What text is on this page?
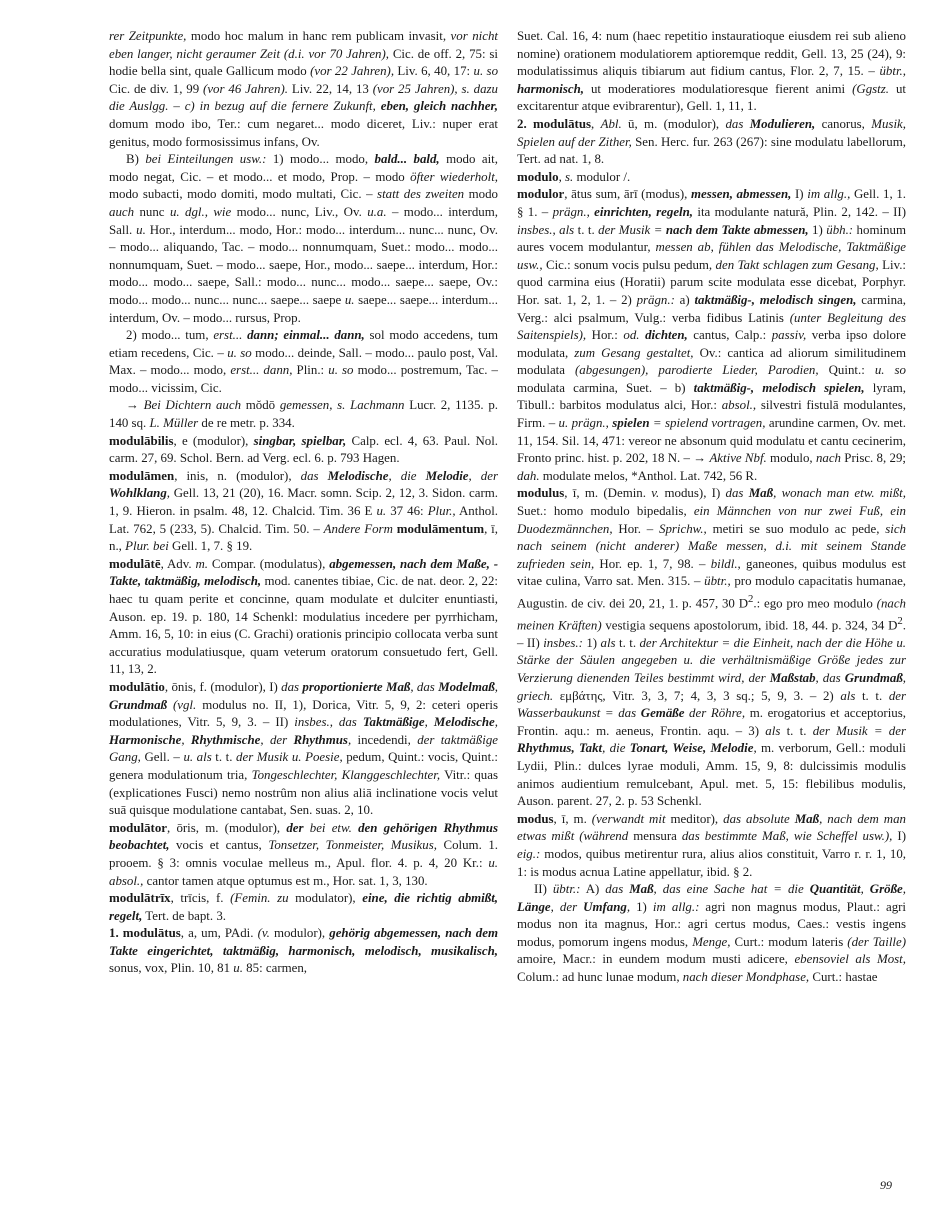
rer Zeitpunkte, modo hoc malum in hanc rem publicam invasit, vor nicht eben langer, nicht geraumer Zeit (d.i. vor 70 Jahren), Cic. de off. 2, 75: si hodie bella sint, quale Gallicum modo (vor 22 Jahren), Liv. 6, 40, 17: u. so Cic. de div. 1, 99 (vor 46 Jahren). Liv. 22, 14, 13 (vor 25 Jahren), s. dazu die Auslgg. – c) in bezug auf die fernere Zukunft, eben, gleich nachher, domum modo ibo, Ter.: cum negaret... modo diceret, Liv.: nuper erat genitus, modo formosissimus infans, Ov.

B) bei Einteilungen usw.: 1) modo... modo, bald... bald, modo ait, modo negat, Cic. – et modo... et modo, Prop. – modo öfter wiederholt, modo subacti, modo domiti, modo multati, Cic. – statt des zweiten modo auch nunc u. dgl., wie modo... nunc, Liv., Ov. u.a. – modo... interdum, Sall. u. Hor., interdum... modo, Hor.: modo... interdum... nunc... nunc, Ov. – modo... aliquando, Tac. – modo... nonnumquam, Suet.: modo... modo... nonnumquam, Suet. – modo... saepe, Hor., modo... saepe... interdum, Hor.: modo... modo... saepe, Sall.: modo... nunc... modo... saepe... saepe, Ov.: modo... modo... nunc... nunc... saepe... saepe u. saepe... saepe... interdum... interdum, Ov. – modo... rursus, Prop.

2) modo... tum, erst... dann; einmal... dann, sol modo accedens, tum etiam recedens, Cic. – u. so modo... deinde, Sall. – modo... paulo post, Val. Max. – modo... modo, erst... dann, Plin.: u. so modo... postremum, Tac. – modo... vicissim, Cic.

→ Bei Dichtern auch mŏdō gemessen, s. Lachmann Lucr. 2, 1135. p. 140 sq. L. Müller de re metr. p. 334.

modulābilis, e (modulor), singbar, spielbar, Calp. ecl. 4, 63. Paul. Nol. carm. 27, 69. Schol. Bern. ad Verg. ecl. 6. p. 793 Hagen.

modulāmen, inis, n. (modulor), das Melodische, die Melodie, der Wohlklang, Gell. 13, 21 (20), 16. Macr. somn. Scip. 2, 12, 3. Sidon. carm. 1, 9. Hieron. in psalm. 48, 12. Chalcid. Tim. 36 E u. 37 46: Plur., Anthol. Lat. 762, 5 (233, 5). Chalcid. Tim. 50. – Andere Form modulāmentum, ī, n., Plur. bei Gell. 1, 7. § 19.

modulātē, Adv. m. Compar. (modulatus), abgemessen, nach dem Maße, -Takte, taktmäßig, melodisch, mod. canentes tibiae, Cic. de nat. deor. 2, 22: haec tu quam perite et concinne, quam modulate et dulciter enuntiasti, Auson. ep. 19. p. 180, 14 Schenkl: modulatius incedere per pyrrhicham, Amm. 16, 5, 10: in eius (C. Grachi) orationis principio collocata verba sunt accuratius modulatiusque, quam veterum oratorum consuetudo fert, Gell. 11, 13, 2.

modulātio, ōnis, f. (modulor), I) das proportionierte Maß, das Modelmaß, Grundmaß (vgl. modulus no. II, 1), Dorica, Vitr. 5, 9, 2: ceteri operis modulationes, Vitr. 5, 9, 3. – II) insbes., das Taktmäßige, Melodische, Harmonische, Rhythmische, der Rhythmus, incedendi, der taktmäßige Gang, Gell. – u. als t. t. der Musik u. Poesie, pedum, Quint.: vocis, Quint.: genera modulationum tria, Tongeschlechter, Klanggeschlechter, Vitr.: quas (explicationes Fusci) nemo nostrûm non alius aliā inclinatione vocis velut suā quisque modulatione cantabat, Sen. suas. 2, 10.

modulātor, ōris, m. (modulor), der bei etw. den gehörigen Rhythmus beobachtet, vocis et cantus, Tonsetzer, Tonmeister, Musikus, Colum. 1. prooem. § 3: omnis voculae melleus m., Apul. flor. 4. p. 4, 20 Kr.: u. absol., cantor tamen atque optumus est m., Hor. sat. 1, 3, 130.

modulātrīx, trīcis, f. (Femin. zu modulator), eine, die richtig abmißt, regelt, Tert. de bapt. 3.

1. modulātus, a, um, PAdi. (v. modulor), gehörig abgemessen, nach dem Takte eingerichtet, taktmäßig, harmonisch, melodisch, musikalisch, sonus, vox, Plin. 10, 81 u. 85: carmen,

Suet. Cal. 16, 4: num (haec repetitio instauratioque eiusdem rei sub alieno nomine) orationem modulatiorem aptioremque reddit, Gell. 13, 25 (24), 9: modulatissimus aliquis tibiarum aut fidium cantus, Flor. 2, 7, 15. – übtr., harmonisch, ut moderatiores modulatioresque fierent animi (Ggstz. ut excitarentur atque evibrarentur), Gell. 1, 11, 1.

2. modulātus, Abl. ū, m. (modulor), das Modulieren, canorus, Musik, Spielen auf der Zither, Sen. Herc. fur. 263 (267): sine modulatu labellorum, Tert. ad nat. 1, 8.

modulo, s. modulor /.

modulor, ātus sum, ārī (modus), messen, abmessen, I) im allg., Gell. 1, 1. § 1. – prägn., einrichten, regeln, ita modulante natură, Plin. 2, 142. – II) insbes., als t. t. der Musik = nach dem Takte abmessen, 1) übh.: hominum aures vocem modulantur, messen ab, fühlen das Melodische, Taktmäßige usw., Cic.: sonum vocis pulsu pedum, den Takt schlagen zum Gesang, Liv.: quod carmina eius (Horatii) parum scite modulata esse dicebat, Porphyr. Hor. sat. 1, 2, 1. – 2) prägn.: a) taktmäßig-, melodisch singen, carmina, Verg.: alci psalmum, Vulg.: verba fidibus Latinis (unter Begleitung des Saitenspiels), Hor.: od. dichten, cantus, Calp.: passiv, verba ipso dolore modulata, zum Gesang gestaltet, Ov.: cantica ad aliorum similitudinem modulata (abgesungen), parodierte Lieder, Parodien, Quint.: u. so modulata carmina, Suet. – b) taktmäßig-, melodisch spielen, lyram, Tibull.: barbitos modulatus alci, Hor.: absol., silvestri fistulā modulantes, Firm. – u. prägn., spielen = spielend vortragen, arundine carmen, Ov. met. 11, 154. Sil. 14, 471: vereor ne absonum quid modulatu et cantu cecinerim, Fronto princ. hist. p. 202, 18 N. – → Aktive Nbf. modulo, nach Prisc. 8, 29; dah. modulate melos, *Anthol. Lat. 742, 56 R.

modulus, ī, m. (Demin. v. modus), I) das Maß, wonach man etw. mißt, Suet.: homo modulo bipedalis, ein Männchen von nur zwei Fuß, ein Duodezmännchen, Hor. – Sprichw., metiri se suo modulo ac pede, sich nach seinem (nicht anderer) Maße messen, d.i. mit seinem Stande zufrieden sein, Hor. ep. 1, 7, 98. – bildl., ganeones, quibus modulus est vitae culina, Varro sat. Men. 315. – übtr., pro modulo capacitatis humanae, Augustin. de civ. dei 20, 21, 1. p. 457, 30 $D^2$.: ego pro meo modulo (nach meinen Kräften) vestigia sequens apostolorum, ibid. 18, 44. p. 324, 34 $D^2$. – II) insbes.: 1) als t. t. der Architektur = die Einheit, nach der die Höhe u. Stärke der Säulen angegeben u. die verhältnismäßige Größe jedes zur Verzierung dienenden Teiles bestimmt wird, der Maßstab, das Grundmaß, griech. εμβάτης, Vitr. 3, 3, 7; 4, 3, 3 sq.; 5, 9, 3. – 2) als t. t. der Wasserbaukunst = das Gemäße der Röhre, m. erogatorius et acceptorius, Frontin. aqu.: m. aeneus, Frontin. aqu. – 3) als t. t. der Musik = der Rhythmus, Takt, die Tonart, Weise, Melodie, m. verborum, Gell.: moduli Lydii, Plin.: dulces lyrae moduli, Amm. 15, 9, 8: dulcissimis modulis animos audientium remulcebant, Apul. met. 5, 15: flebilibus modulis, Auson. parent. 27, 2. p. 53 Schenkl.

modus, ī, m. (verwandt mit meditor), das absolute Maß, nach dem man etwas mißt (während mensura das bestimmte Maß, wie Scheffel usw.), I) eig.: modos, quibus metirentur rura, alius alios constituit, Varro r. r. 1, 10, 1: is modus acnua Latine appellatur, ibid. § 2.

II) übtr.: A) das Maß, das eine Sache hat = die Quantität, Größe, Länge, der Umfang, 1) im allg.: agri non magnus modus, Plaut.: agri modus non ita magnus, Hor.: agri certus modus, Caes.: vestis ingens modus, pomorum ingens modus, Menge, Curt.: modum lateris (der Taille) amoire, Macr.: in eundem modum musti adicere, ebensoviel als Most, Colum.: ad hunc lunae modum, nach dieser Mondphase, Curt.: hastae

99
